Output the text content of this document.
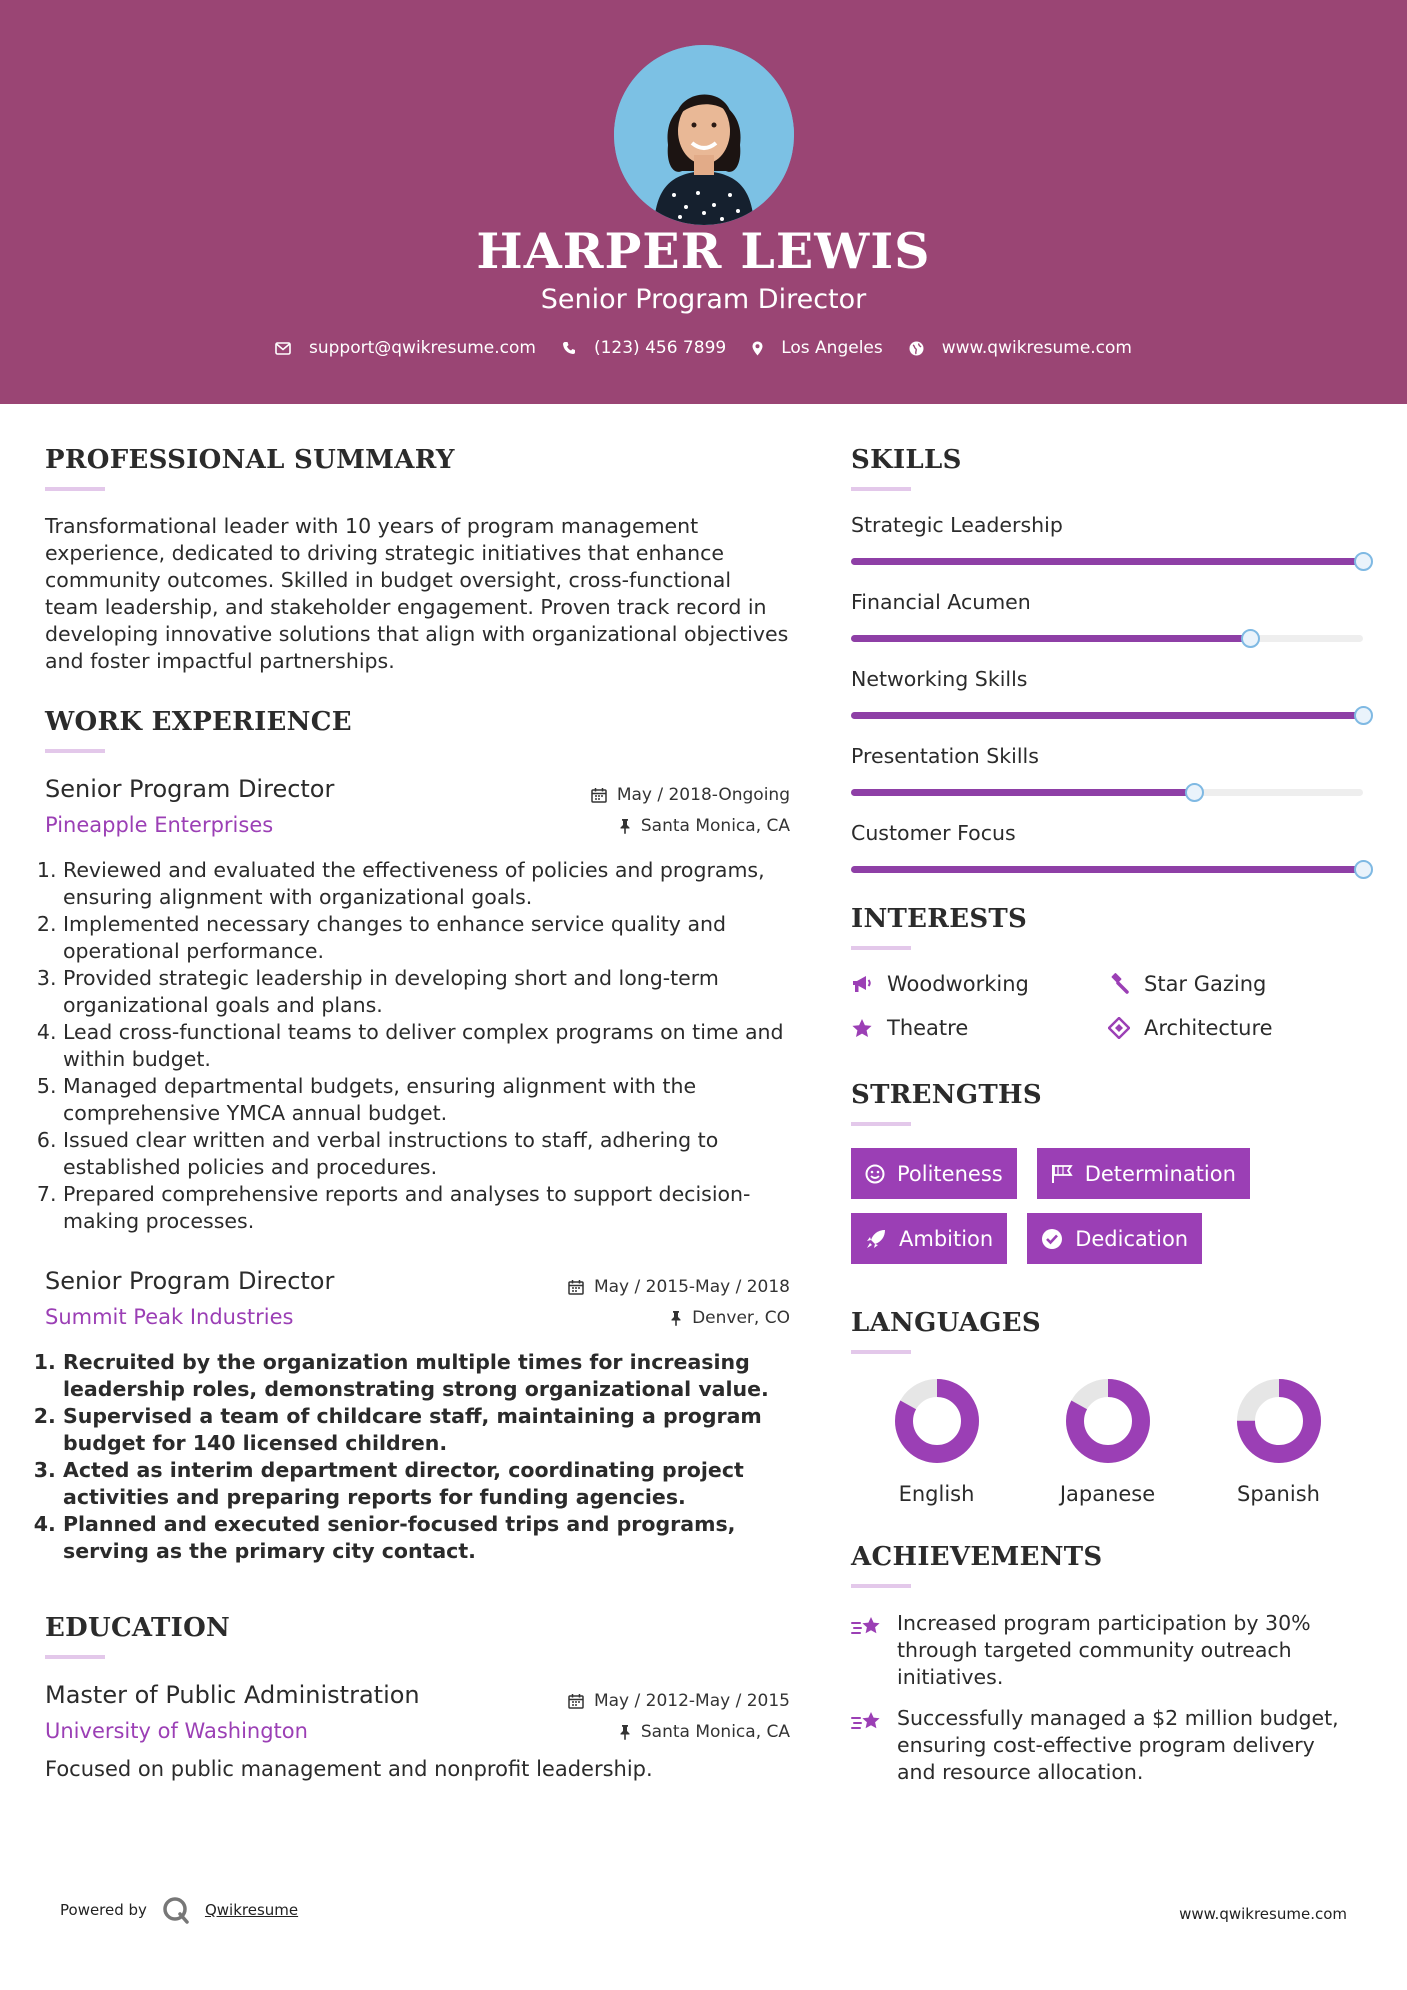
HARPER LEWIS
Senior Program Director
support@qwikresume.com	(123) 456 7899	Los Angeles	www.qwikresume.com
PROFESSIONAL SUMMARY

Transformational leader with 10 years of program management experience, dedicated to driving strategic initiatives that enhance community outcomes. Skilled in budget oversight, cross-functional team leadership, and stakeholder engagement. Proven track record in developing innovative solutions that align with organizational objectives and foster impactful partnerships.

WORK EXPERIENCE
Senior Program Director
Pineapple Enterprises
May / 2018-Ongoing
Santa Monica, CA
1. Reviewed and evaluated the effectiveness of policies and programs, ensuring alignment with organizational goals.
2. Implemented necessary changes to enhance service quality and operational performance.
3. Provided strategic leadership in developing short and long-term organizational goals and plans.
4. Lead cross-functional teams to deliver complex programs on time and within budget.
5. Managed departmental budgets, ensuring alignment with the comprehensive YMCA annual budget.
6. Issued clear written and verbal instructions to staff, adhering to established policies and procedures.
7. Prepared comprehensive reports and analyses to support decision-making processes.
Senior Program Director
Summit Peak Industries
May / 2015-May / 2018
Denver, CO
1. Recruited by the organization multiple times for increasing leadership roles, demonstrating strong organizational value.
2. Supervised a team of childcare staff, maintaining a program budget for 140 licensed children.
3. Acted as interim department director, coordinating project activities and preparing reports for funding agencies.
4. Planned and executed senior-focused trips and programs, serving as the primary city contact.
EDUCATION
Master of Public Administration
University of Washington
May / 2012-May / 2015
Santa Monica, CA

Focused on public management and nonprofit leadership.

SKILLS
Strategic Leadership
Financial Acumen
Networking Skills
Presentation Skills
Customer Focus
INTERESTS
Woodworking	Star Gazing
Theatre	Architecture
STRENGTHS
Politeness	Determination
Ambition	Dedication
LANGUAGES
English	Japanese	Spanish
ACHIEVEMENTS
Increased program participation by 30% through targeted community outreach initiatives.
Successfully managed a $2 million budget, ensuring cost-effective program delivery and resource allocation.
Powered by	Qwikresume	www.qwikresume.com
